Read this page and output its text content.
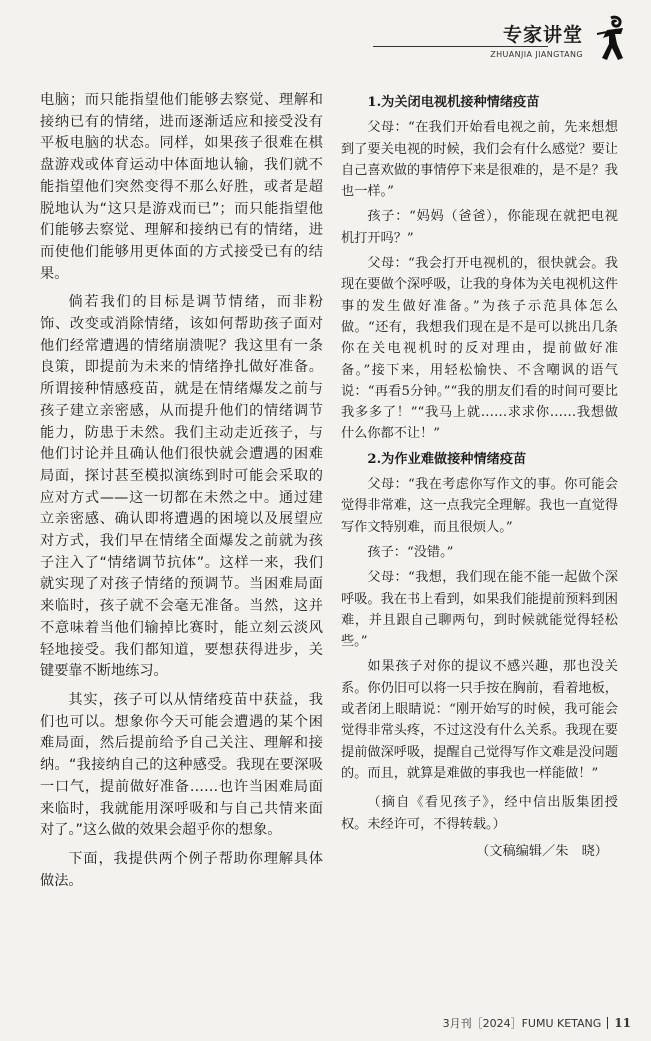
专家讲堂
ZHUANJIA JIANGTANG

电脑；而只能指望他们能够去察觉、理解和接纳已有的情绪，进而逐渐适应和接受没有平板电脑的状态。同样，如果孩子很难在棋盘游戏或体育运动中体面地认输，我们就不能指望他们突然变得不那么好胜，或者是超脱地认为“这只是游戏而已”；而只能指望他们能够去察觉、理解和接纳已有的情绪，进而使他们能够用更体面的方式接受已有的结果。

倘若我们的目标是调节情绪，而非粉饰、改变或消除情绪，该如何帮助孩子面对他们经常遭遇的情绪崩溃呢？我这里有一条良策，即提前为未来的情绪挣扎做好准备。所谓接种情感疫苗，就是在情绪爆发之前与孩子建立亲密感，从而提升他们的情绪调节能力，防患于未然。我们主动走近孩子，与他们讨论并且确认他们很快就会遭遇的困难局面，探讨甚至模拟演练到时可能会采取的应对方式——这一切都在未然之中。通过建立亲密感、确认即将遭遇的困境以及展望应对方式，我们早在情绪全面爆发之前就为孩子注入了“情绪调节抗体”。这样一来，我们就实现了对孩子情绪的预调节。当困难局面来临时，孩子就不会毫无准备。当然，这并不意味着当他们输掉比赛时，能立刻云淡风轻地接受。我们都知道，要想获得进步，关键要靠不断地练习。

其实，孩子可以从情绪疫苗中获益，我们也可以。想象你今天可能会遭遇的某个困难局面，然后提前给予自己关注、理解和接纳。“我接纳自己的这种感受。我现在要深吸一口气，提前做好准备……也许当困难局面来临时，我就能用深呼吸和与自己共情来面对了。”这么做的效果会超乎你的想象。

下面，我提供两个例子帮助你理解具体做法。

1.为关闭电视机接种情绪疫苗

父母：“在我们开始看电视之前，先来想想到了要关电视的时候，我们会有什么感觉？要让自己喜欢做的事情停下来是很难的，是不是？我也一样。”

孩子：“妈妈（爸爸），你能现在就把电视机打开吗？”

父母：“我会打开电视机的，很快就会。我现在要做个深呼吸，让我的身体为关电视机这件事的发生做好准备。”为孩子示范具体怎么做。“还有，我想我们现在是不是可以挑出几条你在关电视机时的反对理由，提前做好准备。”接下来，用轻松愉快、不含嘲讽的语气说：“再看5分钟。”“我的朋友们看的时间可要比我多多了！”“我马上就……求求你……我想做什么你都不让！”

2.为作业难做接种情绪疫苗

父母：“我在考虑你写作文的事。你可能会觉得非常难，这一点我完全理解。我也一直觉得写作文特别难，而且很烦人。”

孩子：“没错。”

父母：“我想，我们现在能不能一起做个深呼吸。我在书上看到，如果我们能提前预料到困难，并且跟自己聊两句，到时候就能觉得轻松些。”

如果孩子对你的提议不感兴趣，那也没关系。你仍旧可以将一只手按在胸前，看着地板，或者闭上眼睛说：“刚开始写的时候，我可能会觉得非常头疼，不过这没有什么关系。我现在要提前做深呼吸，提醒自己觉得写作文难是没问题的。而且，就算是难做的事我也一样能做！”

（摘自《看见孩子》，经中信出版集团授权。未经许可，不得转载。）

（文稿编辑／朱　晓）

3月刊［2024］FUMU KETANG 11
